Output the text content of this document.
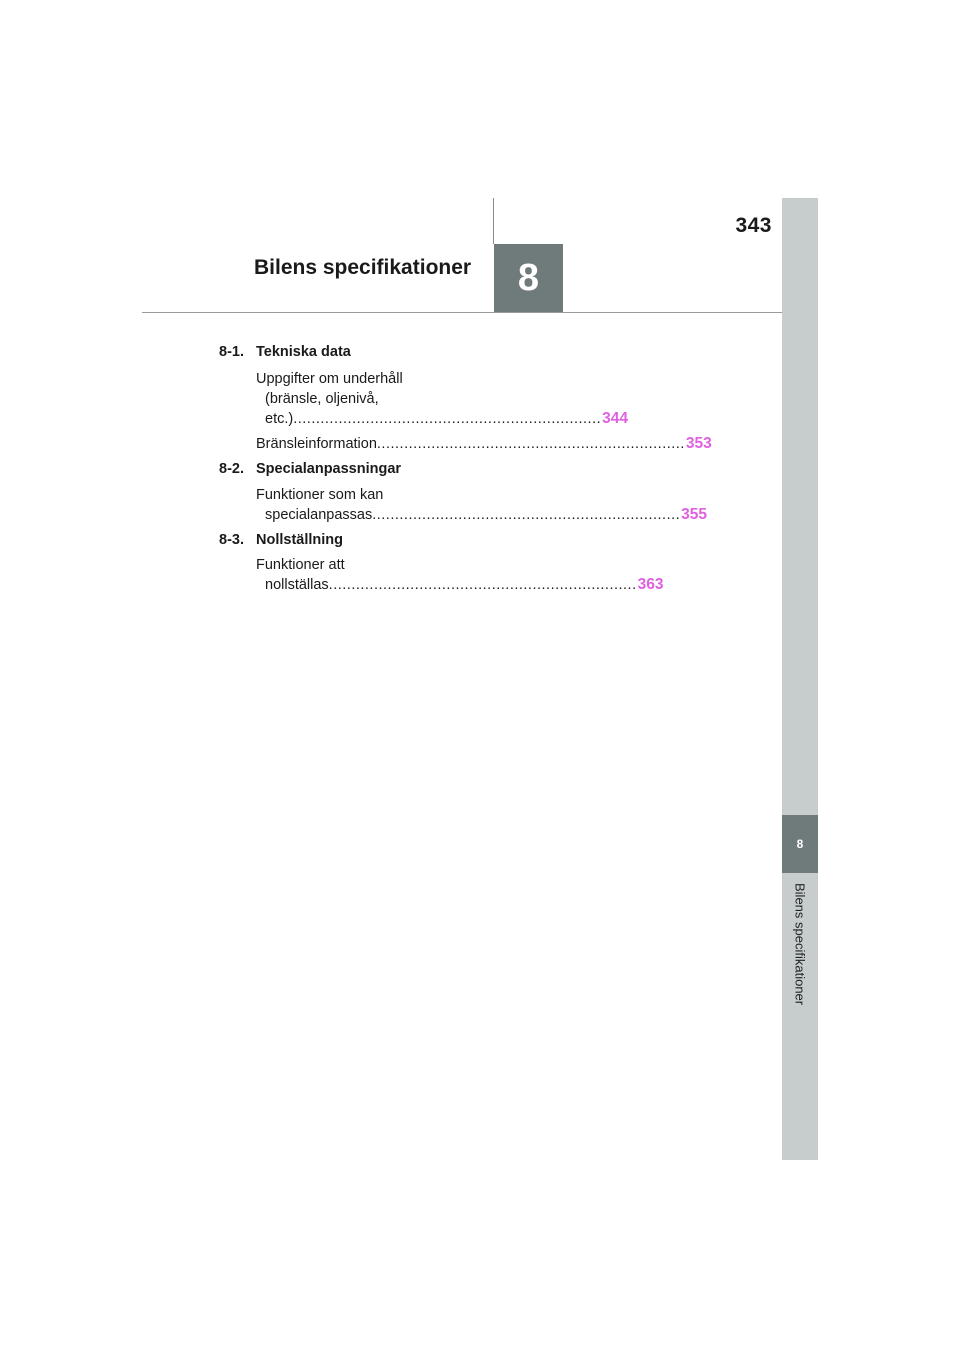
343
Bilens specifikationer	8
8
Bilens specifikationer
8-1. Tekniska data
Uppgifter om underhåll
(bränsle, oljenivå,
etc.) .................................................................... 344
Bränsleinformation .................................................................... 353
8-2. Specialanpassningar
Funktioner som kan
specialanpassas .................................................................... 355
8-3. Nollställning
Funktioner att
nollställas .................................................................... 363
